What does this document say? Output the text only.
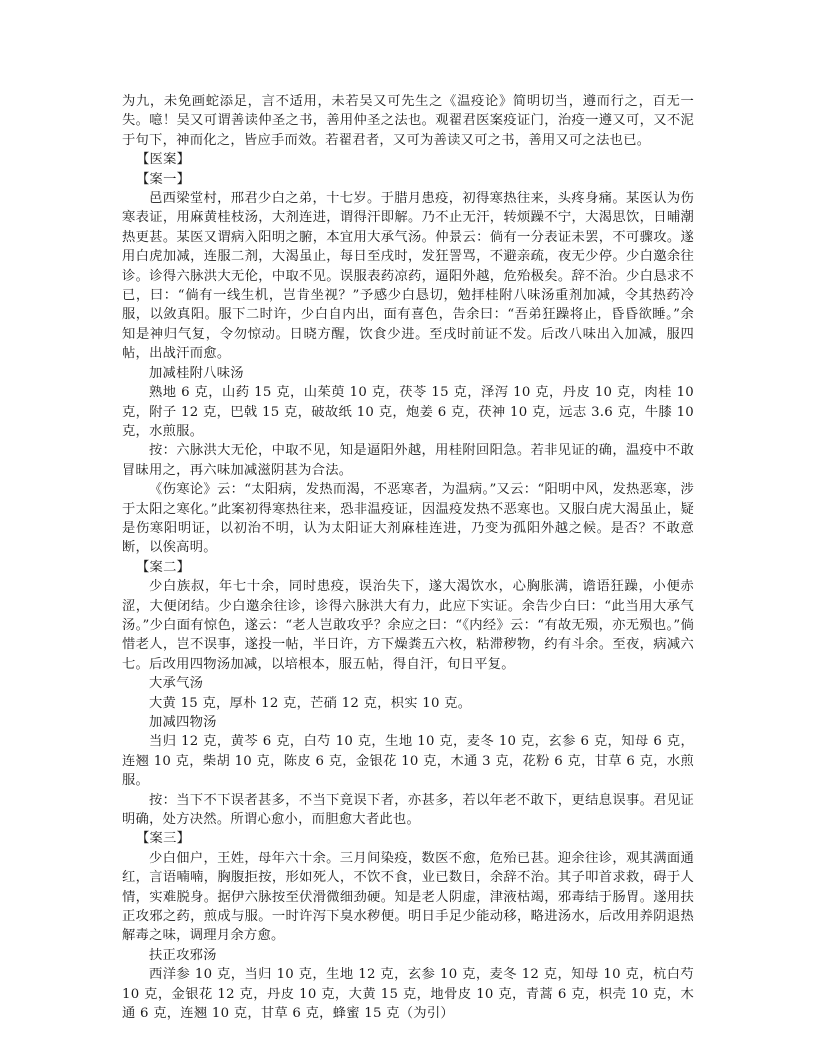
为九，未免画蛇添足，言不适用，未若吴又可先生之《温疫论》简明切当，遵而行之，百无一失。噫！吴又可谓善读仲圣之书，善用仲圣之法也。观翟君医案疫证门，治疫一遵又可，又不泥于句下，神而化之，皆应手而效。若翟君者，又可为善读又可之书，善用又可之法也已。

【医案】

【案一】

邑西梁堂村，邢君少白之弟，十七岁。于腊月患疫，初得寒热往来，头疼身痛。某医认为伤寒表证，用麻黄桂枝汤，大剂连进，谓得汗即解。乃不止无汗，转烦躁不宁，大渴思饮，日晡潮热更甚。某医又谓病入阳明之腑，本宜用大承气汤。仲景云：倘有一分表证未罢，不可骤攻。遂用白虎加减，连服二剂，大渴虽止，每日至戌时，发狂詈骂，不避亲疏，夜无少停。少白邀余往诊。诊得六脉洪大无伦，中取不见。误服表药凉药，逼阳外越，危殆极矣。辞不治。少白恳求不已，曰：“倘有一线生机，岂肯坐视？”予感少白恳切，勉拝桂附八味汤重剂加减，令其热药冷服，以敛真阳。服下二时许，少白自内出，面有喜色，告余曰：“吾弟狂躁将止，昏昏欲睡。”余知是神归气复，令勿惊动。日晓方醒，饮食少进。至戌时前证不发。后改八味出入加减，服四帖，出战汗而愈。

加减桂附八味汤

熟地 6 克，山药 15 克，山茱萸 10 克，茯苓 15 克，泽泻 10 克，丹皮 10 克，肉桂 10 克，附子 12 克，巴戟 15 克，破故纸 10 克，炮姜 6 克，茯神 10 克，远志 3.6 克，牛膝 10 克，水煎服。

按：六脉洪大无伦，中取不见，知是逼阳外越，用桂附回阳急。若非见证的确，温疫中不敢冒昧用之，再六味加减滋阴甚为合法。

《伤寒论》云：“太阳病，发热而渴，不恶寒者，为温病。”又云：“阳明中风，发热恶寒，涉于太阳之寒化。”此案初得寒热往来，恐非温疫证，因温疫发热不恶寒也。又服白虎大渴虽止，疑是伤寒阳明证，以初治不明，认为太阳证大剂麻桂连进，乃变为孤阳外越之候。是否？不敢意断，以俟高明。

【案二】

少白族叔，年七十余，同时患疫，误治失下，遂大渴饮水，心胸胀满，谵语狂躁，小便赤涩，大便闭结。少白邀余往诊，诊得六脉洪大有力，此应下实证。余告少白曰：“此当用大承气汤。”少白面有惊色，遂云：“老人岂敢攻乎？余应之曰：“《内经》云：“有故无殒，亦无殒也。”倘惜老人，岂不误事，遂投一帖，半日许，方下燥粪五六枚，粘滞秽物，约有斗余。至夜，病减六七。后改用四物汤加减，以培根本，服五帖，得自汗，旬日平复。

大承气汤

大黄 15 克，厚朴 12 克，芒硝 12 克，枳实 10 克。

加减四物汤

当归 12 克，黄芩 6 克，白芍 10 克，生地 10 克，麦冬 10 克，玄参 6 克，知母 6 克，连翘 10 克，柴胡 10 克，陈皮 6 克，金银花 10 克，木通 3 克，花粉 6 克，甘草 6 克，水煎服。

按：当下不下误者甚多，不当下竟误下者，亦甚多，若以年老不敢下，更结息误事。君见证明确，处方决然。所谓心愈小，而胆愈大者此也。

【案三】

少白佃户，王姓，母年六十余。三月间染疫，数医不愈，危殆已甚。迎余往诊，观其满面通红，言语喃喃，胸腹拒按，形如死人，不饮不食，业已数日，余辞不治。其子叩首求救，碍于人情，实难脱身。据伊六脉按至伏滑微细劲硬。知是老人阴虚，津液枯竭，邪毒结于肠胃。遂用扶正攻邪之药，煎成与服。一时许泻下臭水秽便。明日手足少能动移，略进汤水，后改用养阴退热解毒之味，调理月余方愈。

扶正攻邪汤

西洋参 10 克，当归 10 克，生地 12 克，玄参 10 克，麦冬 12 克，知母 10 克，杭白芍 10 克，金银花 12 克，丹皮 10 克，大黄 15 克，地骨皮 10 克，青蒿 6 克，枳壳 10 克，木通 6 克，连翘 10 克，甘草 6 克，蜂蜜 15 克（为引）
